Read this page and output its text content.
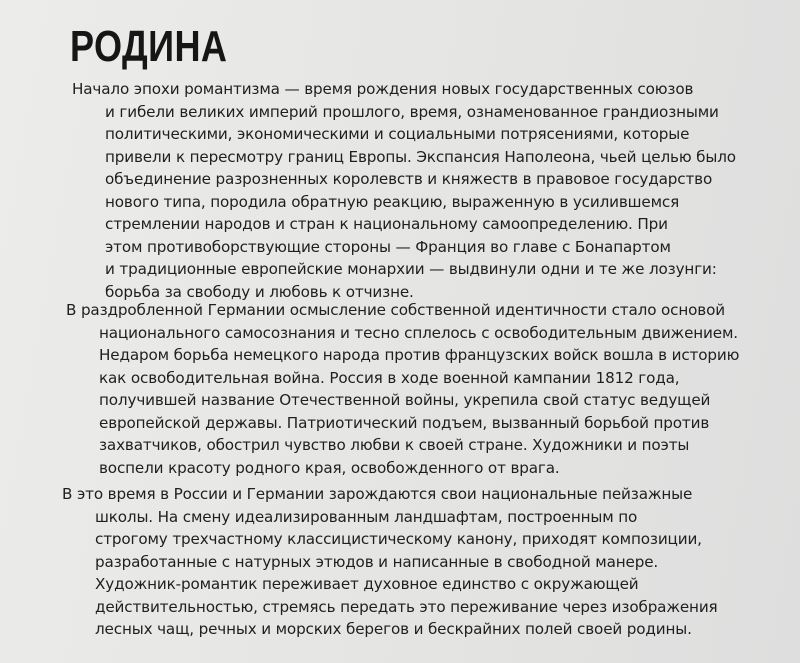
РОДИНА
Начало эпохи романтизма — время рождения новых государственных союзов
и гибели великих империй прошлого, время, ознаменованное грандиозными
политическими, экономическими и социальными потрясениями, которые
привели к пересмотру границ Европы. Экспансия Наполеона, чьей целью было
объединение разрозненных королевств и княжеств в правовое государство
нового типа, породила обратную реакцию, выраженную в усилившемся
стремлении народов и стран к национальному самоопределению. При
этом противоборствующие стороны — Франция во главе с Бонапартом
и традиционные европейские монархии — выдвинули одни и те же лозунги:
борьба за свободу и любовь к отчизне.
В раздробленной Германии осмысление собственной идентичности стало основой
национального самосознания и тесно сплелось с освободительным движением.
Недаром борьба немецкого народа против французских войск вошла в историю
как освободительная война. Россия в ходе военной кампании 1812 года,
получившей название Отечественной войны, укрепила свой статус ведущей
европейской державы. Патриотический подъем, вызванный борьбой против
захватчиков, обострил чувство любви к своей стране. Художники и поэты
воспели красоту родного края, освобожденного от врага.
В это время в России и Германии зарождаются свои национальные пейзажные
школы. На смену идеализированным ландшафтам, построенным по
строгому трехчастному классицистическому канону, приходят композиции,
разработанные с натурных этюдов и написанные в свободной манере.
Художник-романтик переживает духовное единство с окружающей
действительностью, стремясь передать это переживание через изображения
лесных чащ, речных и морских берегов и бескрайних полей своей родины.
